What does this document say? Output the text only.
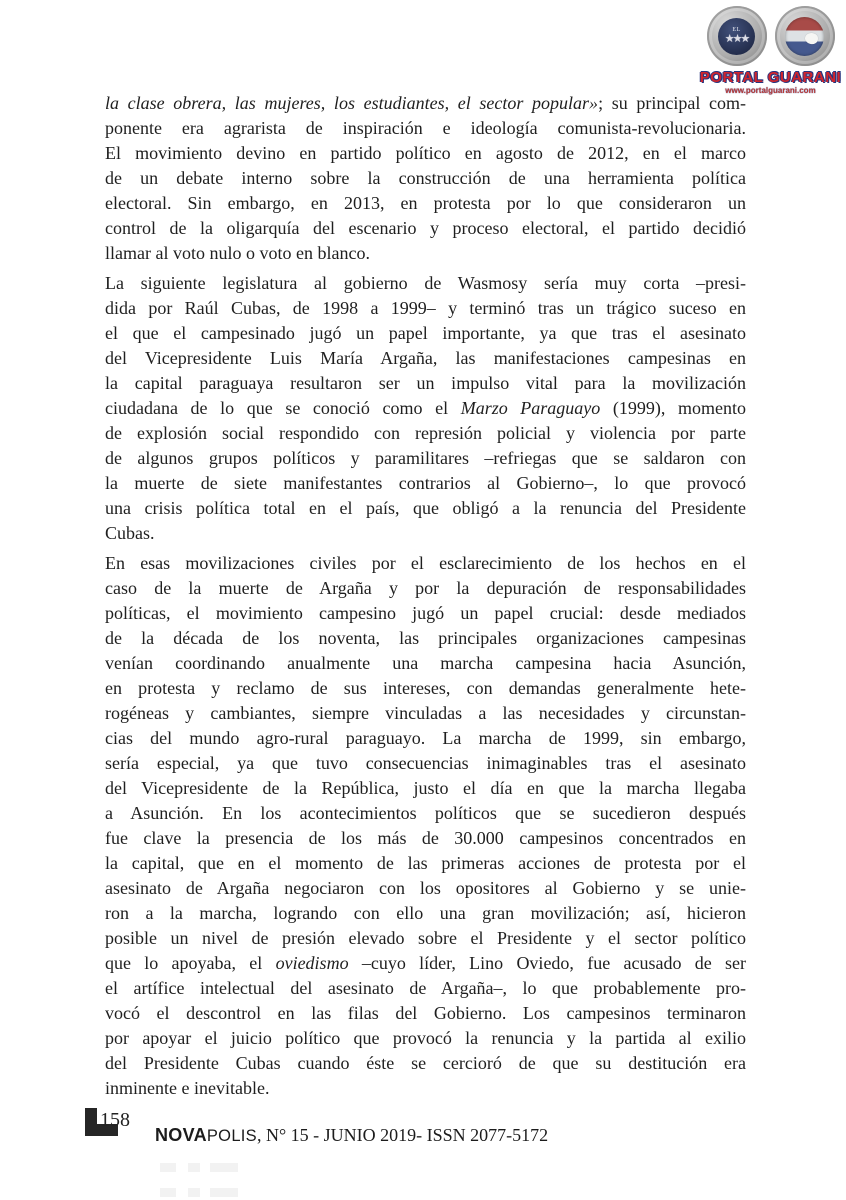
EL
★★★
PORTAL GUARANI
www.portalguarani.com
la clase obrera, las mujeres, los estudiantes, el sector popular»; su principal com-
ponente era agrarista de inspiración e ideología comunista-revolucionaria.
El movimiento devino en partido político en agosto de 2012, en el marco
de un debate interno sobre la construcción de una herramienta política
electoral. Sin embargo, en 2013, en protesta por lo que consideraron un
control de la oligarquía del escenario y proceso electoral, el partido decidió
llamar al voto nulo o voto en blanco.
La siguiente legislatura al gobierno de Wasmosy sería muy corta –presi-
dida por Raúl Cubas, de 1998 a 1999– y terminó tras un trágico suceso en
el que el campesinado jugó un papel importante, ya que tras el asesinato
del Vicepresidente Luis María Argaña, las manifestaciones campesinas en
la capital paraguaya resultaron ser un impulso vital para la movilización
ciudadana de lo que se conoció como el Marzo Paraguayo (1999), momento
de explosión social respondido con represión policial y violencia por parte
de algunos grupos políticos y paramilitares –refriegas que se saldaron con
la muerte de siete manifestantes contrarios al Gobierno–, lo que provocó
una crisis política total en el país, que obligó a la renuncia del Presidente
Cubas.
En esas movilizaciones civiles por el esclarecimiento de los hechos en el
caso de la muerte de Argaña y por la depuración de responsabilidades
políticas, el movimiento campesino jugó un papel crucial: desde mediados
de la década de los noventa, las principales organizaciones campesinas
venían coordinando anualmente una marcha campesina hacia Asunción,
en protesta y reclamo de sus intereses, con demandas generalmente hete-
rogéneas y cambiantes, siempre vinculadas a las necesidades y circunstan-
cias del mundo agro-rural paraguayo. La marcha de 1999, sin embargo,
sería especial, ya que tuvo consecuencias inimaginables tras el asesinato
del Vicepresidente de la República, justo el día en que la marcha llegaba
a Asunción. En los acontecimientos políticos que se sucedieron después
fue clave la presencia de los más de 30.000 campesinos concentrados en
la capital, que en el momento de las primeras acciones de protesta por el
asesinato de Argaña negociaron con los opositores al Gobierno y se unie-
ron a la marcha, logrando con ello una gran movilización; así, hicieron
posible un nivel de presión elevado sobre el Presidente y el sector político
que lo apoyaba, el oviedismo –cuyo líder, Lino Oviedo, fue acusado de ser
el artífice intelectual del asesinato de Argaña–, lo que probablemente pro-
vocó el descontrol en las filas del Gobierno. Los campesinos terminaron
por apoyar el juicio político que provocó la renuncia y la partida al exilio
del Presidente Cubas cuando éste se cercioró de que su destitución era
inminente e inevitable.
158
NOVAPOLIS, N° 15 - JUNIO 2019- ISSN 2077-5172
